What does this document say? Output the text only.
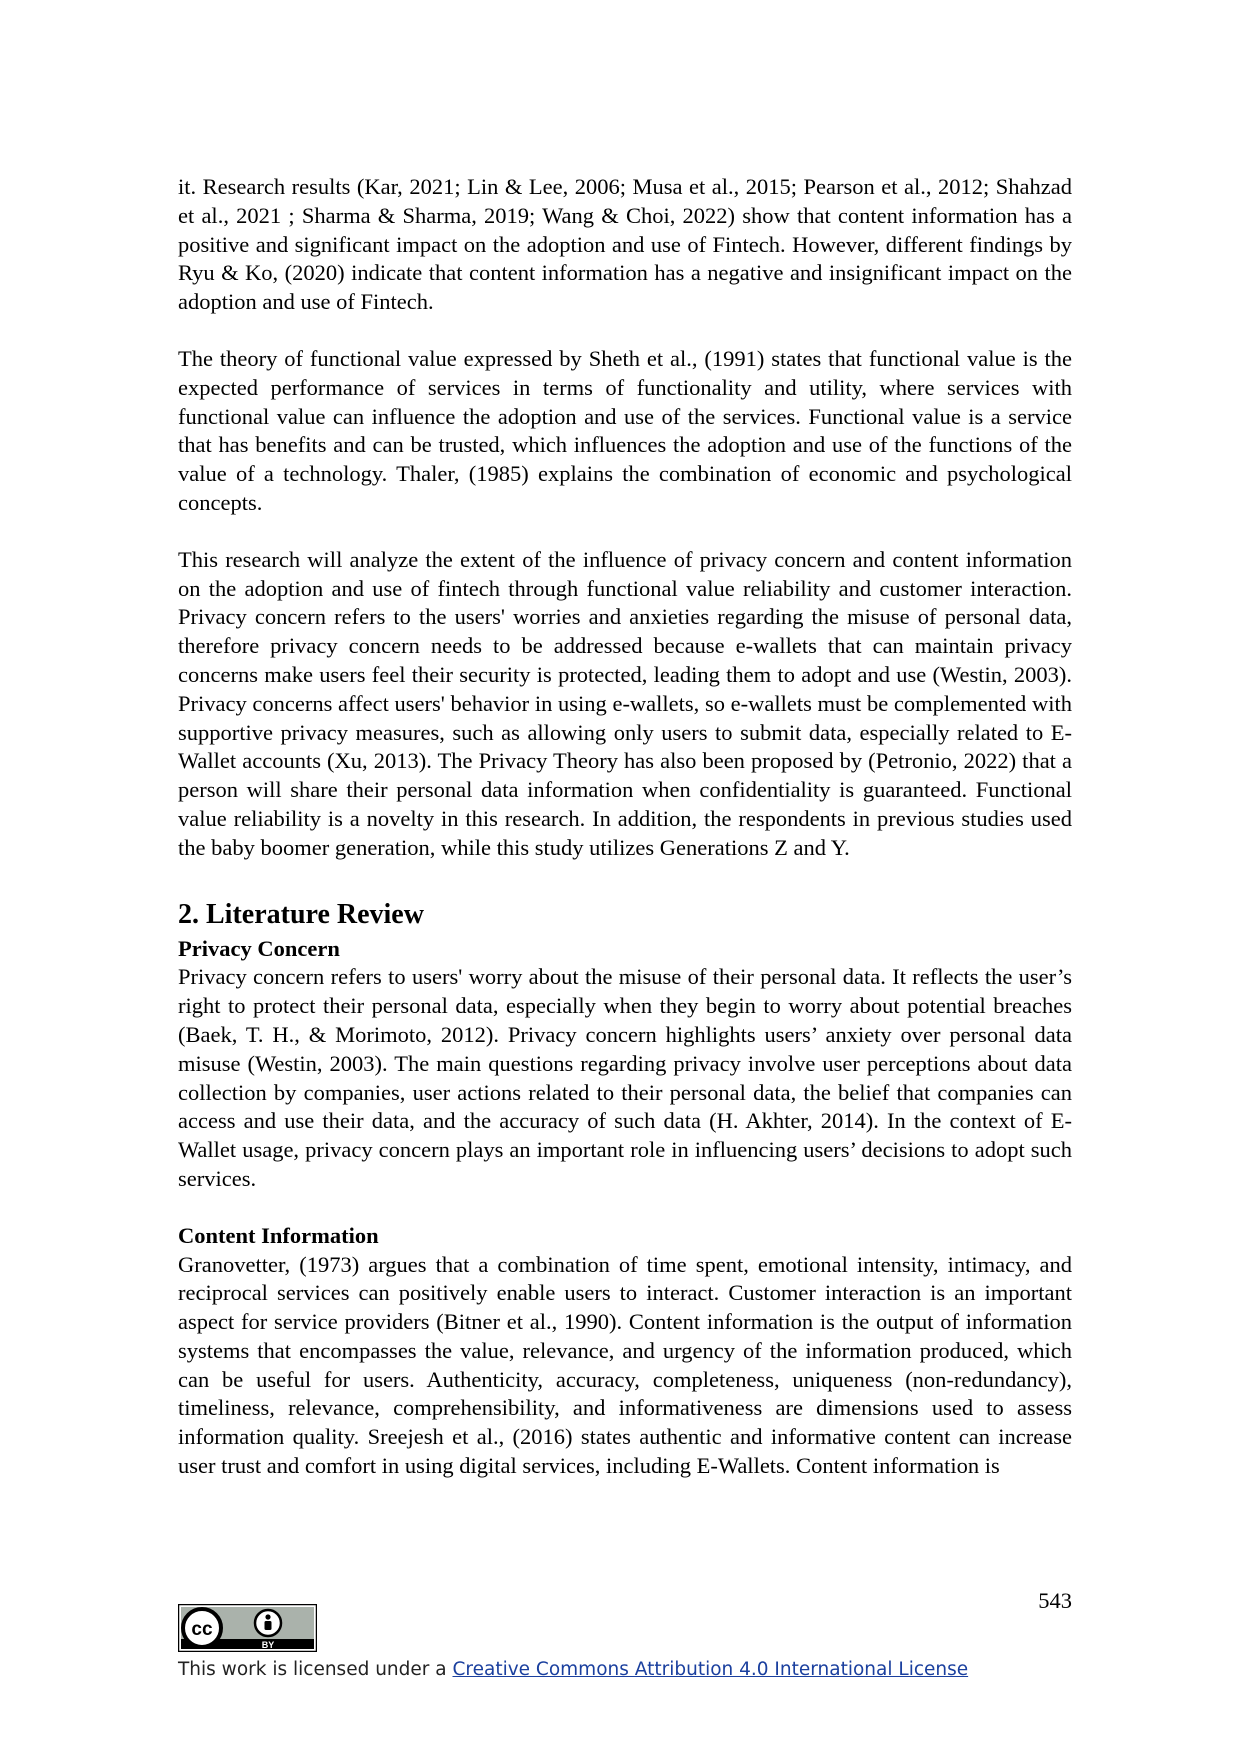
it. Research results (Kar, 2021; Lin & Lee, 2006; Musa et al., 2015; Pearson et al., 2012; Shahzad et al., 2021 ; Sharma & Sharma, 2019; Wang & Choi, 2022) show that content information has a positive and significant impact on the adoption and use of Fintech. However, different findings by Ryu & Ko, (2020) indicate that content information has a negative and insignificant impact on the adoption and use of Fintech.

The theory of functional value expressed by Sheth et al., (1991) states that functional value is the expected performance of services in terms of functionality and utility, where services with functional value can influence the adoption and use of the services. Functional value is a service that has benefits and can be trusted, which influences the adoption and use of the functions of the value of a technology. Thaler, (1985) explains the combination of economic and psychological concepts.

This research will analyze the extent of the influence of privacy concern and content information on the adoption and use of fintech through functional value reliability and customer interaction. Privacy concern refers to the users' worries and anxieties regarding the misuse of personal data, therefore privacy concern needs to be addressed because e-wallets that can maintain privacy concerns make users feel their security is protected, leading them to adopt and use (Westin, 2003). Privacy concerns affect users' behavior in using e-wallets, so e-wallets must be complemented with supportive privacy measures, such as allowing only users to submit data, especially related to E-Wallet accounts (Xu, 2013). The Privacy Theory has also been proposed by (Petronio, 2022) that a person will share their personal data information when confidentiality is guaranteed. Functional value reliability is a novelty in this research. In addition, the respondents in previous studies used the baby boomer generation, while this study utilizes Generations Z and Y.

2. Literature Review
Privacy Concern

Privacy concern refers to users' worry about the misuse of their personal data. It reflects the user’s right to protect their personal data, especially when they begin to worry about potential breaches (Baek, T. H., & Morimoto, 2012). Privacy concern highlights users’ anxiety over personal data misuse (Westin, 2003). The main questions regarding privacy involve user perceptions about data collection by companies, user actions related to their personal data, the belief that companies can access and use their data, and the accuracy of such data (H. Akhter, 2014). In the context of E-Wallet usage, privacy concern plays an important role in influencing users’ decisions to adopt such services.

Content Information

Granovetter, (1973) argues that a combination of time spent, emotional intensity, intimacy, and reciprocal services can positively enable users to interact. Customer interaction is an important aspect for service providers (Bitner et al., 1990). Content information is the output of information systems that encompasses the value, relevance, and urgency of the information produced, which can be useful for users. Authenticity, accuracy, completeness, uniqueness (non-redundancy), timeliness, relevance, comprehensibility, and informativeness are dimensions used to assess information quality. Sreejesh et al., (2016) states authentic and informative content can increase user trust and comfort in using digital services, including E-Wallets. Content information is

543
cc
BY
This work is licensed under a Creative Commons Attribution 4.0 International License
